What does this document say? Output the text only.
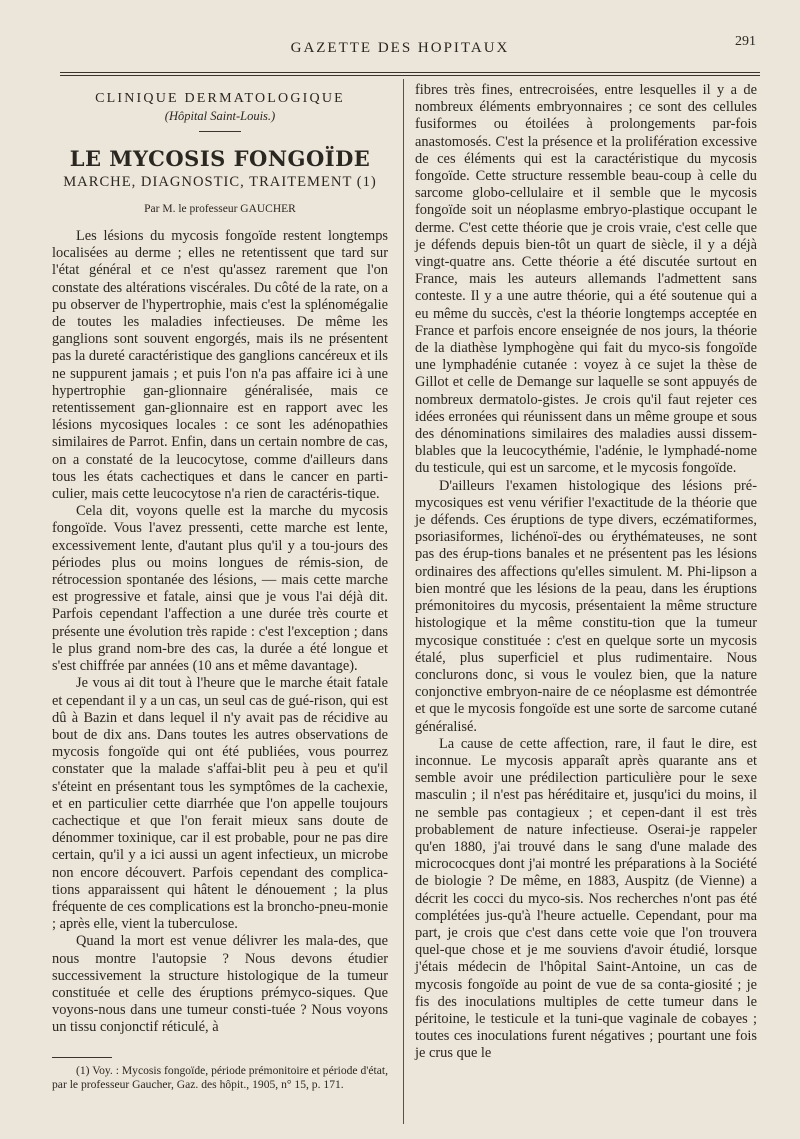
GAZETTE DES HOPITAUX	291
CLINIQUE DERMATOLOGIQUE
(Hôpital Saint-Louis.)
LE MYCOSIS FONGOÏDE
MARCHE, DIAGNOSTIC, TRAITEMENT (1)
Par M. le professeur GAUCHER

Les lésions du mycosis fongoïde restent longtemps localisées au derme ; elles ne retentissent que tard sur l'état général et ce n'est qu'assez rarement que l'on constate des altérations viscérales. Du côté de la rate, on a pu observer de l'hypertrophie, mais c'est la splénomégalie de toutes les maladies infectieuses. De même les ganglions sont souvent engorgés, mais ils ne présentent pas la dureté caractéristique des ganglions cancéreux et ils ne suppurent jamais ; et puis l'on n'a pas affaire ici à une hypertrophie gan-glionnaire généralisée, mais ce retentissement gan-glionnaire est en rapport avec les lésions mycosiques locales : ce sont les adénopathies similaires de Parrot. Enfin, dans un certain nombre de cas, on a constaté de la leucocytose, comme d'ailleurs dans tous les états cachectiques et dans le cancer en parti-culier, mais cette leucocytose n'a rien de caractéris-tique.

Cela dit, voyons quelle est la marche du mycosis fongoïde. Vous l'avez pressenti, cette marche est lente, excessivement lente, d'autant plus qu'il y a tou-jours des périodes plus ou moins longues de rémis-sion, de rétrocession spontanée des lésions, — mais cette marche est progressive et fatale, ainsi que je vous l'ai déjà dit. Parfois cependant l'affection a une durée très courte et présente une évolution très rapide : c'est l'exception ; dans le plus grand nom-bre des cas, la durée a été longue et s'est chiffrée par années (10 ans et même davantage).

Je vous ai dit tout à l'heure que le marche était fatale et cependant il y a un cas, un seul cas de gué-rison, qui est dû à Bazin et dans lequel il n'y avait pas de récidive au bout de dix ans. Dans toutes les autres observations de mycosis fongoïde qui ont été publiées, vous pourrez constater que la malade s'affai-blit peu à peu et qu'il s'éteint en présentant tous les symptômes de la cachexie, et en particulier cette diarrhée que l'on appelle toujours cachectique et que l'on ferait mieux sans doute de dénommer toxinique, car il est probable, pour ne pas dire certain, qu'il y a ici aussi un agent infectieux, un microbe non encore découvert. Parfois cependant des complica-tions apparaissent qui hâtent le dénouement ; la plus fréquente de ces complications est la broncho-pneu-monie ; après elle, vient la tuberculose.

Quand la mort est venue délivrer les mala-des, que nous montre l'autopsie ? Nous devons étudier successivement la structure histologique de la tumeur constituée et celle des éruptions prémyco-siques. Que voyons-nous dans une tumeur consti-tuée ? Nous voyons un tissu conjonctif réticulé, à

(1) Voy. : Mycosis fongoïde, période prémonitoire et période d'état, par le professeur Gaucher, Gaz. des hôpit., 1905, n° 15, p. 171.

fibres très fines, entrecroisées, entre lesquelles il y a de nombreux éléments embryonnaires ; ce sont des cellules fusiformes ou étoilées à prolongements par-fois anastomosés. C'est la présence et la prolifération excessive de ces éléments qui est la caractéristique du mycosis fongoïde. Cette structure ressemble beau-coup à celle du sarcome globo-cellulaire et il semble que le mycosis fongoïde soit un néoplasme embryo-plastique occupant le derme. C'est cette théorie que je crois vraie, c'est celle que je défends depuis bien-tôt un quart de siècle, il y a déjà vingt-quatre ans. Cette théorie a été discutée surtout en France, mais les auteurs allemands l'admettent sans conteste. Il y a une autre théorie, qui a été soutenue qui a eu même du succès, c'est la théorie longtemps acceptée en France et parfois encore enseignée de nos jours, la théorie de la diathèse lymphogène qui fait du myco-sis fongoïde une lymphadénie cutanée : voyez à ce sujet la thèse de Gillot et celle de Demange sur laquelle se sont appuyés de nombreux dermatolo-gistes. Je crois qu'il faut rejeter ces idées erronées qui réunissent dans un même groupe et sous des dénominations similaires des maladies aussi dissem-blables que la leucocythémie, l'adénie, le lymphadé-nome du testicule, qui est un sarcome, et le mycosis fongoïde.

D'ailleurs l'examen histologique des lésions pré-mycosiques est venu vérifier l'exactitude de la théorie que je défends. Ces éruptions de type divers, eczématiformes, psoriasiformes, lichénoï-des ou érythémateuses, ne sont pas des érup-tions banales et ne présentent pas les lésions ordinaires des affections qu'elles simulent. M. Phi-lipson a bien montré que les lésions de la peau, dans les éruptions prémonitoires du mycosis, présentaient la même structure histologique et la même constitu-tion que la tumeur mycosique constituée : c'est en quelque sorte un mycosis étalé, plus superficiel et plus rudimentaire. Nous conclurons donc, si vous le voulez bien, que la nature conjonctive embryon-naire de ce néoplasme est démontrée et que le mycosis fongoïde est une sorte de sarcome cutané généralisé.

La cause de cette affection, rare, il faut le dire, est inconnue. Le mycosis apparaît après quarante ans et semble avoir une prédilection particulière pour le sexe masculin ; il n'est pas héréditaire et, jusqu'ici du moins, il ne semble pas contagieux ; et cepen-dant il est très probablement de nature infectieuse. Oserai-je rappeler qu'en 1880, j'ai trouvé dans le sang d'une malade des micrococques dont j'ai montré les préparations à la Société de biologie ? De même, en 1883, Auspitz (de Vienne) a décrit les cocci du myco-sis. Nos recherches n'ont pas été complétées jus-qu'à l'heure actuelle. Cependant, pour ma part, je crois que c'est dans cette voie que l'on trouvera quel-que chose et je me souviens d'avoir étudié, lorsque j'étais médecin de l'hôpital Saint-Antoine, un cas de mycosis fongoïde au point de vue de sa conta-giosité ; je fis des inoculations multiples de cette tumeur dans le péritoine, le testicule et la tuni-que vaginale de cobayes ; toutes ces inoculations furent négatives ; pourtant une fois je crus que le
